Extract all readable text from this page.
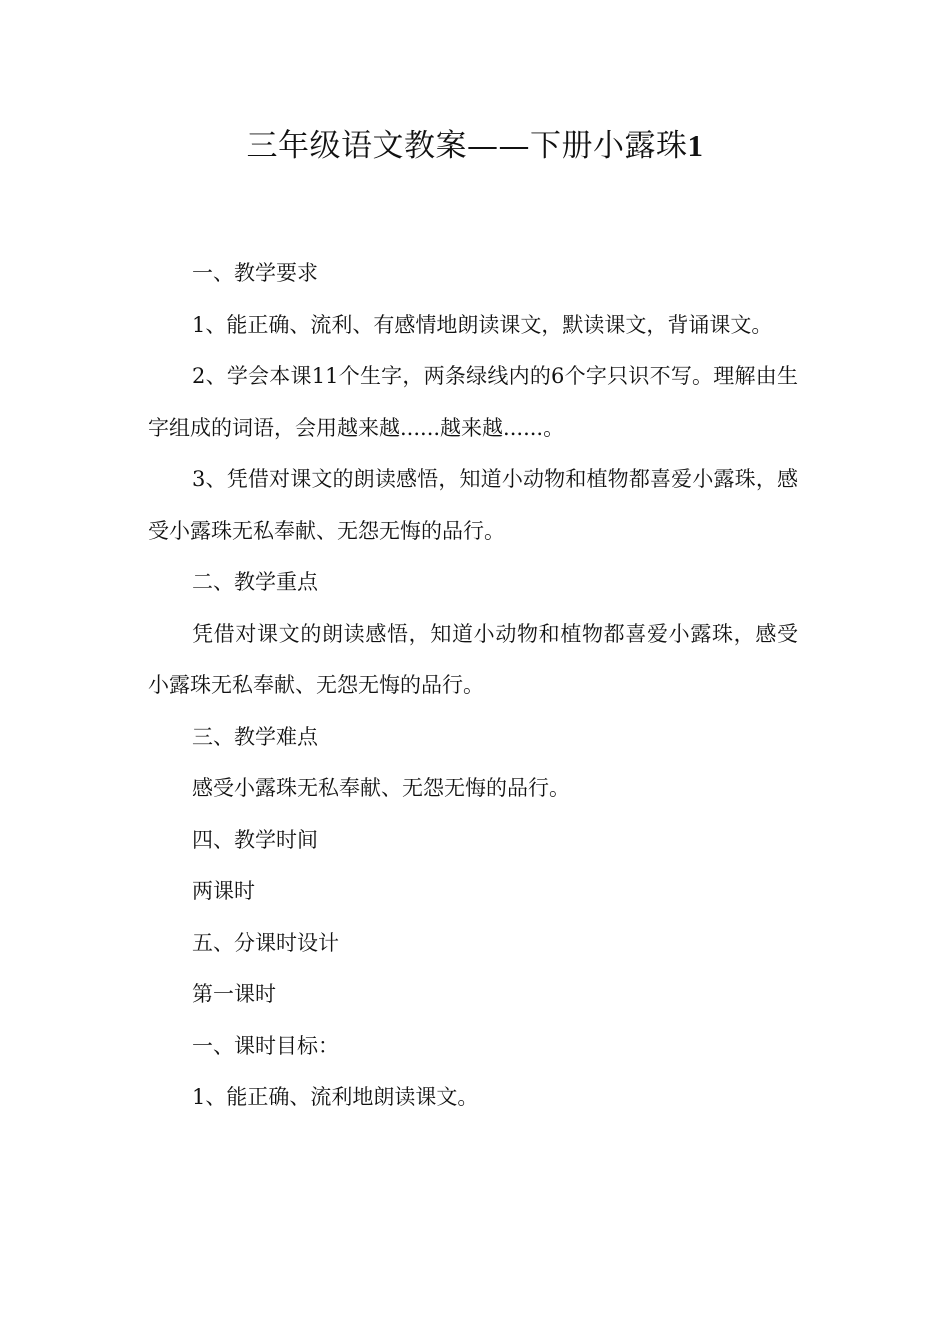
三年级语文教案——下册小露珠1

一、教学要求

1、能正确、流利、有感情地朗读课文，默读课文，背诵课文。

2、学会本课11个生字，两条绿线内的6个字只识不写。理解由生字组成的词语，会用越来越......越来越......。

3、凭借对课文的朗读感悟，知道小动物和植物都喜爱小露珠，感受小露珠无私奉献、无怨无悔的品行。

二、教学重点

凭借对课文的朗读感悟，知道小动物和植物都喜爱小露珠，感受小露珠无私奉献、无怨无悔的品行。

三、教学难点

感受小露珠无私奉献、无怨无悔的品行。

四、教学时间

两课时

五、分课时设计

第一课时

一、课时目标：

1、能正确、流利地朗读课文。
